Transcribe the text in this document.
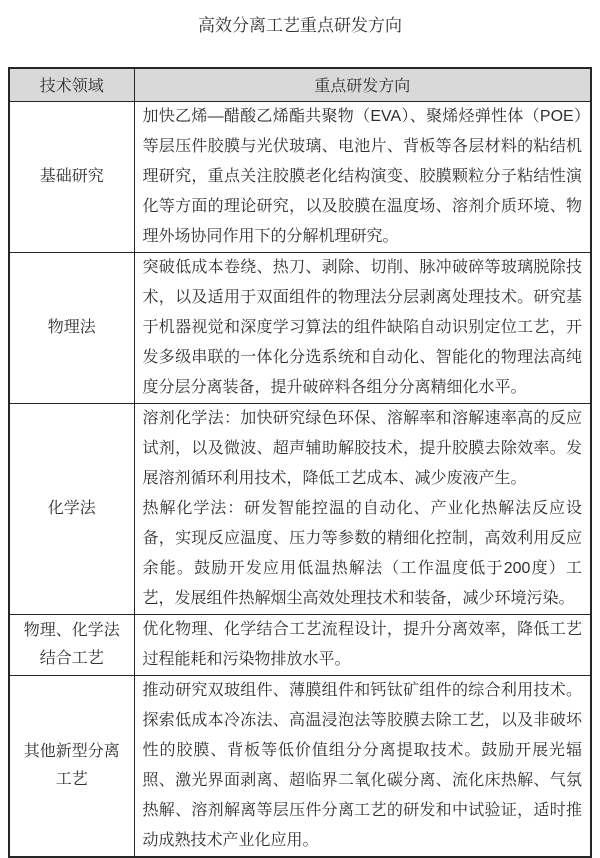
高效分离工艺重点研发方向
技术领域	重点研发方向
基础研究	加快乙烯—醋酸乙烯酯共聚物（EVA）、聚烯烃弹性体（POE）等层压件胶膜与光伏玻璃、电池片、背板等各层材料的粘结机理研究，重点关注胶膜老化结构演变、胶膜颗粒分子粘结性演化等方面的理论研究，以及胶膜在温度场、溶剂介质环境、物理外场协同作用下的分解机理研究。

物理法	突破低成本卷绕、热刀、剥除、切削、脉冲破碎等玻璃脱除技术，以及适用于双面组件的物理法分层剥离处理技术。研究基于机器视觉和深度学习算法的组件缺陷自动识别定位工艺，开发多级串联的一体化分选系统和自动化、智能化的物理法高纯度分层分离装备，提升破碎料各组分分离精细化水平。

化学法	溶剂化学法：加快研究绿色环保、溶解率和溶解速率高的反应试剂，以及微波、超声辅助解胶技术，提升胶膜去除效率。发展溶剂循环利用技术，降低工艺成本、减少废液产生。

热解化学法：研发智能控温的自动化、产业化热解法反应设备，实现反应温度、压力等参数的精细化控制，高效利用反应余能。鼓励开发应用低温热解法（工作温度低于200度）工艺，发展组件热解烟尘高效处理技术和装备，减少环境污染。

物理、化学法结合工艺	优化物理、化学结合工艺流程设计，提升分离效率，降低工艺过程能耗和污染物排放水平。

其他新型分离工艺	推动研究双玻组件、薄膜组件和钙钛矿组件的综合利用技术。探索低成本冷冻法、高温浸泡法等胶膜去除工艺，以及非破坏性的胶膜、背板等低价值组分分离提取技术。鼓励开展光辐照、激光界面剥离、超临界二氧化碳分离、流化床热解、气氛热解、溶剂解离等层压件分离工艺的研发和中试验证，适时推动成熟技术产业化应用。
